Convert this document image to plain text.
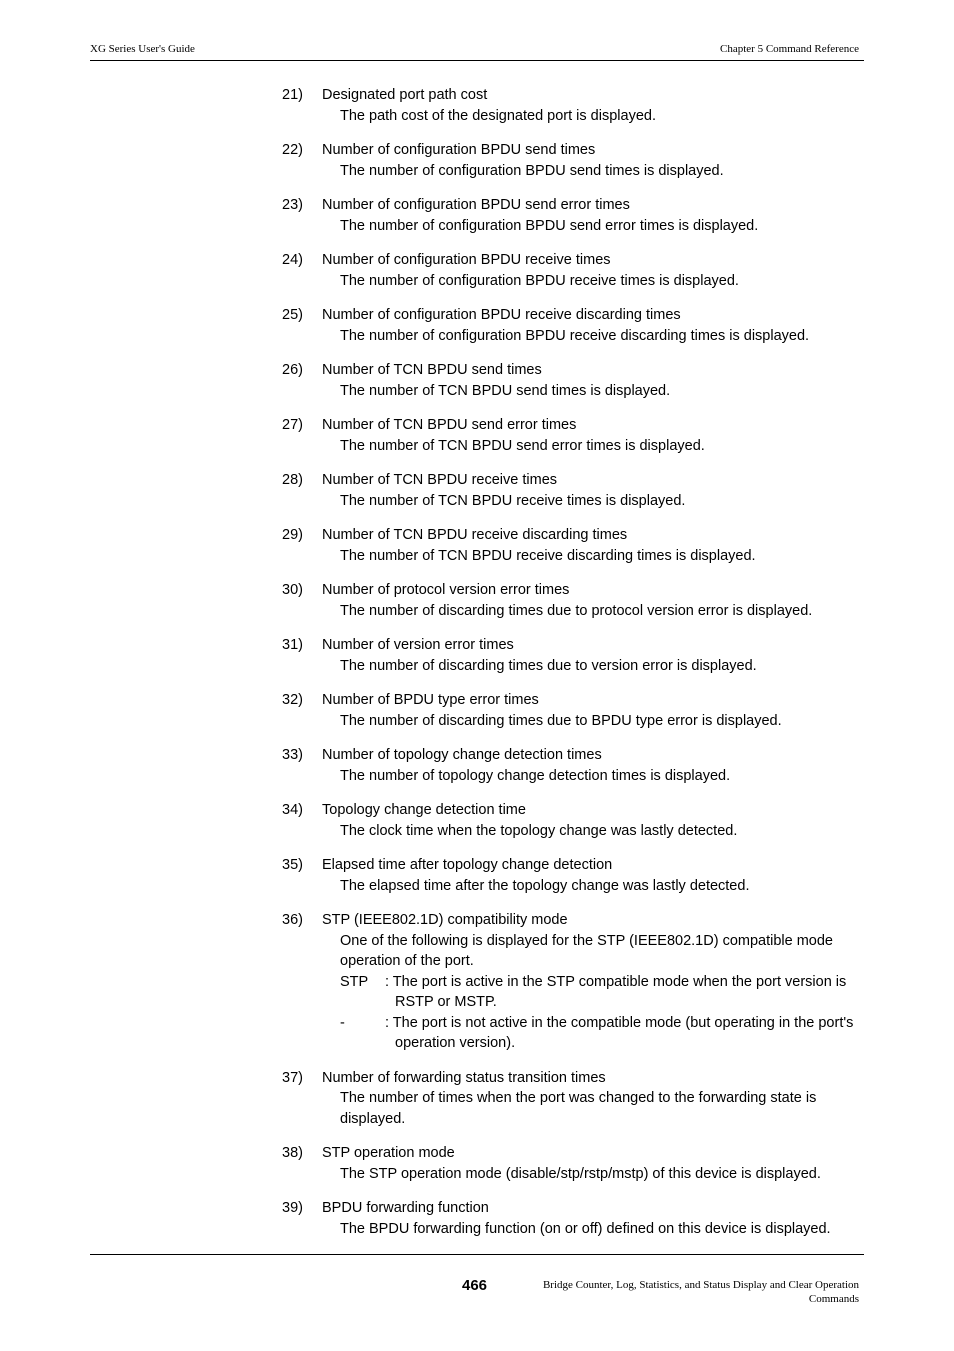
XG Series User's Guide	Chapter 5 Command Reference
21) Designated port path cost
The path cost of the designated port is displayed.
22) Number of configuration BPDU send times
The number of configuration BPDU send times is displayed.
23) Number of configuration BPDU send error times
The number of configuration BPDU send error times is displayed.
24) Number of configuration BPDU receive times
The number of configuration BPDU receive times is displayed.
25) Number of configuration BPDU receive discarding times
The number of configuration BPDU receive discarding times is displayed.
26) Number of TCN BPDU send times
The number of TCN BPDU send times is displayed.
27) Number of TCN BPDU send error times
The number of TCN BPDU send error times is displayed.
28) Number of TCN BPDU receive times
The number of TCN BPDU receive times is displayed.
29) Number of TCN BPDU receive discarding times
The number of TCN BPDU receive discarding times is displayed.
30) Number of protocol version error times
The number of discarding times due to protocol version error is displayed.
31) Number of version error times
The number of discarding times due to version error is displayed.
32) Number of BPDU type error times
The number of discarding times due to BPDU type error is displayed.
33) Number of topology change detection times
The number of topology change detection times is displayed.
34) Topology change detection time
The clock time when the topology change was lastly detected.
35) Elapsed time after topology change detection
The elapsed time after the topology change was lastly detected.
36) STP (IEEE802.1D) compatibility mode
One of the following is displayed for the STP (IEEE802.1D) compatible mode operation of the port.
STP	: The port is active in the STP compatible mode when the port version is RSTP or MSTP.
-	: The port is not active in the compatible mode (but operating in the port's operation version).
37) Number of forwarding status transition times
The number of times when the port was changed to the forwarding state is displayed.
38) STP operation mode
The STP operation mode (disable/stp/rstp/mstp) of this device is displayed.
39) BPDU forwarding function
The BPDU forwarding function (on or off) defined on this device is displayed.
466	Bridge Counter, Log, Statistics, and Status Display and Clear Operation Commands
